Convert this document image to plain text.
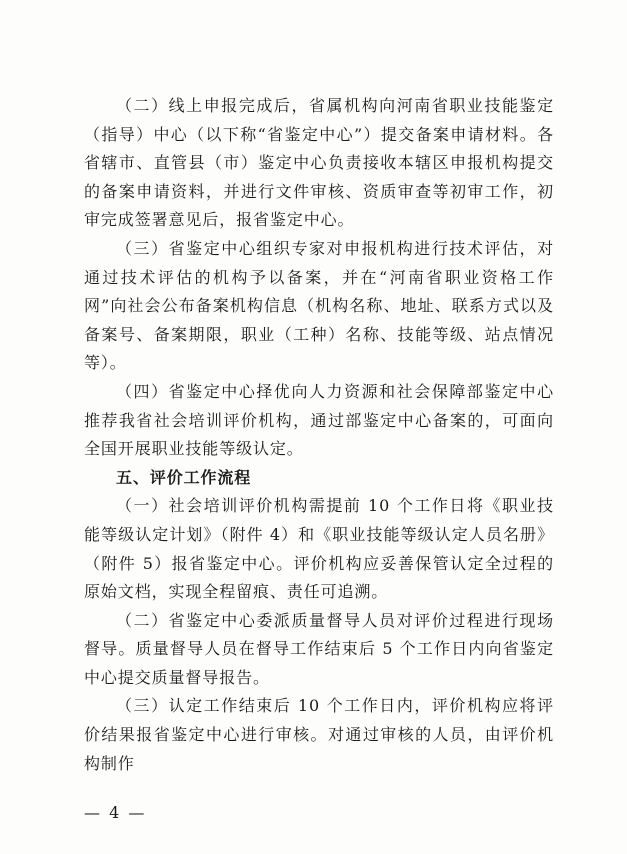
（二）线上申报完成后，省属机构向河南省职业技能鉴定（指导）中心（以下称“省鉴定中心”）提交备案申请材料。各省辖市、直管县（市）鉴定中心负责接收本辖区申报机构提交的备案申请资料，并进行文件审核、资质审查等初审工作，初审完成签署意见后，报省鉴定中心。

（三）省鉴定中心组织专家对申报机构进行技术评估，对通过技术评估的机构予以备案，并在“河南省职业资格工作网”向社会公布备案机构信息（机构名称、地址、联系方式以及备案号、备案期限，职业（工种）名称、技能等级、站点情况等）。

（四）省鉴定中心择优向人力资源和社会保障部鉴定中心推荐我省社会培训评价机构，通过部鉴定中心备案的，可面向全国开展职业技能等级认定。

五、评价工作流程

（一）社会培训评价机构需提前 10 个工作日将《职业技能等级认定计划》（附件 4）和《职业技能等级认定人员名册》（附件 5）报省鉴定中心。评价机构应妥善保管认定全过程的原始文档，实现全程留痕、责任可追溯。

（二）省鉴定中心委派质量督导人员对评价过程进行现场督导。质量督导人员在督导工作结束后 5 个工作日内向省鉴定中心提交质量督导报告。

（三）认定工作结束后 10 个工作日内，评价机构应将评价结果报省鉴定中心进行审核。对通过审核的人员，由评价机构制作

— 4 —
